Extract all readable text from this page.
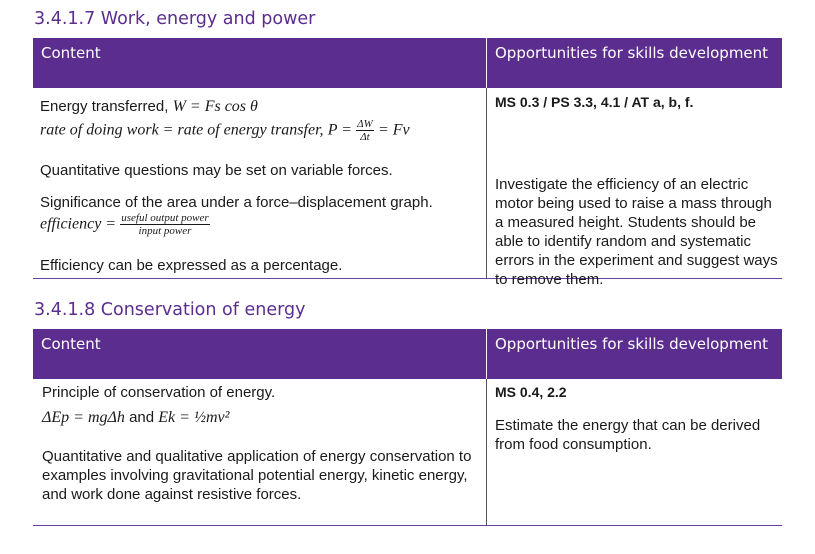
3.4.1.7 Work, energy and power
Content	Opportunities for skills development
Energy transferred, W = Fs cos θ
rate of doing work = rate of energy transfer, $P = \frac{\Delta W}{\Delta t} = Fv$
Quantitative questions may be set on variable forces.
Significance of the area under a force–displacement graph.
efficiency = $\frac{\text{useful output power}}{\text{input power}}$
Efficiency can be expressed as a percentage.
MS 0.3 / PS 3.3, 4.1 / AT a, b, f.
Investigate the efficiency of an electric motor being used to raise a mass through a measured height. Students should be able to identify random and systematic errors in the experiment and suggest ways to remove them.
3.4.1.8 Conservation of energy
Content	Opportunities for skills development
Principle of conservation of energy.
ΔEp = mgΔh and Ek = ½mv²
Quantitative and qualitative application of energy conservation to examples involving gravitational potential energy, kinetic energy, and work done against resistive forces.
MS 0.4, 2.2
Estimate the energy that can be derived from food consumption.
